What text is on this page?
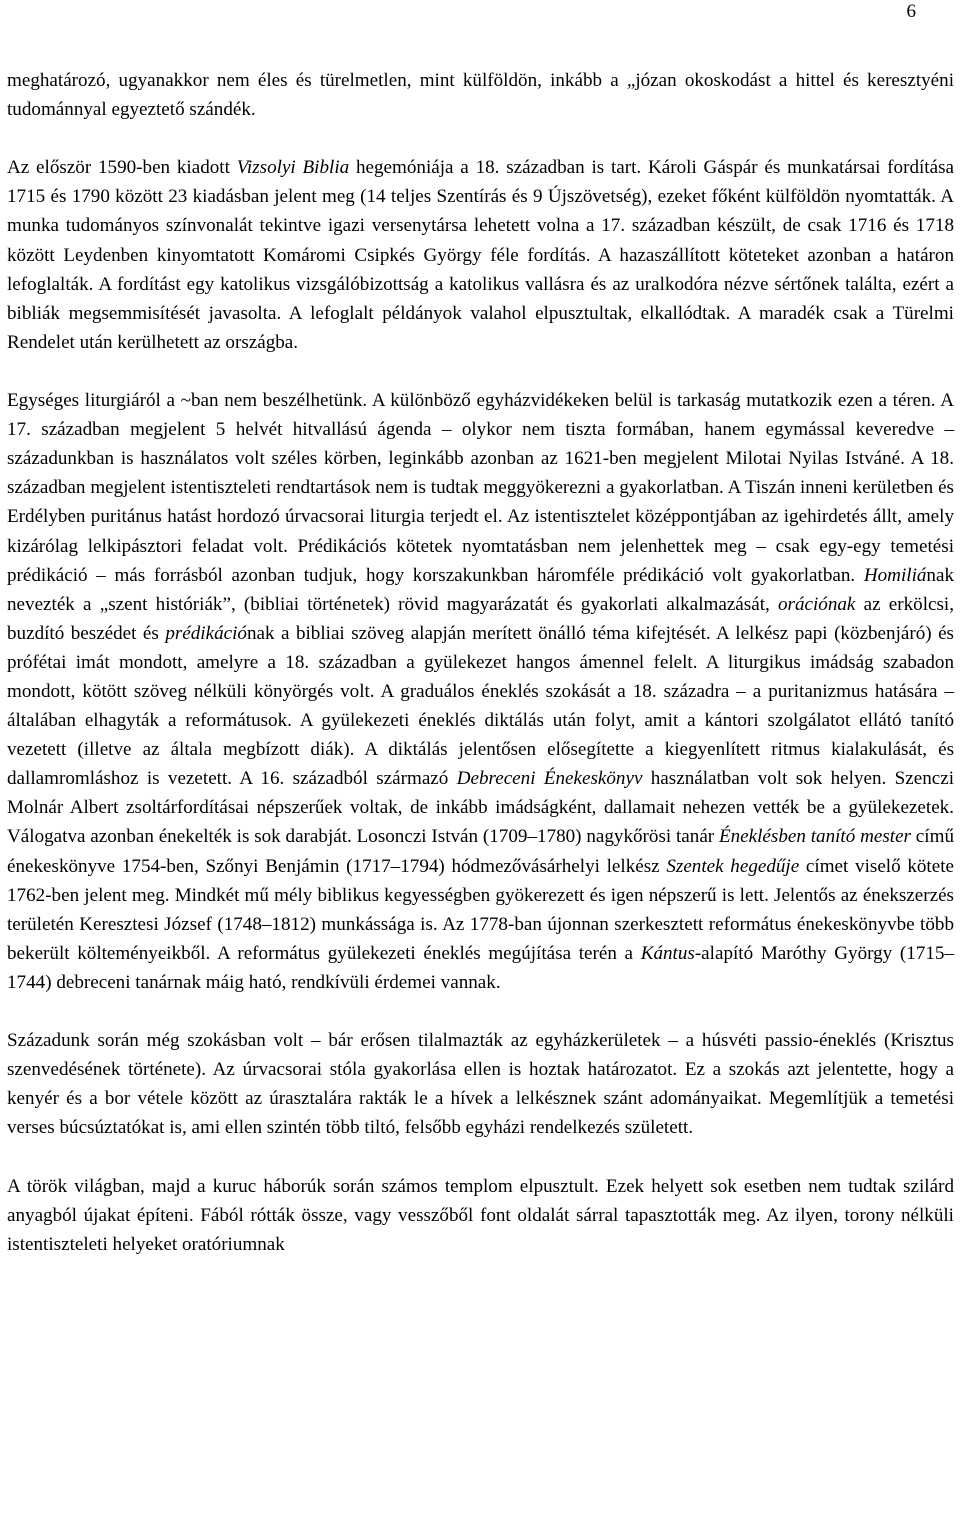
6

meghatározó, ugyanakkor nem éles és türelmetlen, mint külföldön, inkább a „józan okoskodást a hittel és keresztyéni tudománnyal egyeztető szándék.

Az először 1590-ben kiadott Vizsolyi Biblia hegemóniája a 18. században is tart. Károli Gáspár és munkatársai fordítása 1715 és 1790 között 23 kiadásban jelent meg (14 teljes Szentírás és 9 Újszövetség), ezeket főként külföldön nyomtatták. A munka tudományos színvonalát tekintve igazi versenytársa lehetett volna a 17. században készült, de csak 1716 és 1718 között Leydenben kinyomtatott Komáromi Csipkés György féle fordítás. A hazaszállított köteteket azonban a határon lefoglalták. A fordítást egy katolikus vizsgálóbizottság a katolikus vallásra és az uralkodóra nézve sértőnek találta, ezért a bibliák megsemmisítését javasolta. A lefoglalt példányok valahol elpusztultak, elkallódtak. A maradék csak a Türelmi Rendelet után kerülhetett az országba.

Egységes liturgiáról a ~ban nem beszélhetünk. A különböző egyházvidékeken belül is tarkaság mutatkozik ezen a téren. A 17. században megjelent 5 helvét hitvallású ágenda – olykor nem tiszta formában, hanem egymással keveredve – századunkban is használatos volt széles körben, leginkább azonban az 1621-ben megjelent Milotai Nyilas Istváné. A 18. században megjelent istentiszteleti rendtartások nem is tudtak meggyökerezni a gyakorlatban. A Tiszán inneni kerületben és Erdélyben puritánus hatást hordozó úrvacsorai liturgia terjedt el. Az istentisztelet középpontjában az igehirdetés állt, amely kizárólag lelkipásztori feladat volt. Prédikációs kötetek nyomtatásban nem jelenhettek meg – csak egy-egy temetési prédikáció – más forrásból azonban tudjuk, hogy korszakunkban háromféle prédikáció volt gyakorlatban. Homiliának nevezték a „szent históriák”, (bibliai történetek) rövid magyarázatát és gyakorlati alkalmazását, orációnak az erkölcsi, buzdító beszédet és prédikációnak a bibliai szöveg alapján merített önálló téma kifejtését. A lelkész papi (közbenjáró) és prófétai imát mondott, amelyre a 18. században a gyülekezet hangos ámennel felelt. A liturgikus imádság szabadon mondott, kötött szöveg nélküli könyörgés volt. A graduálos éneklés szokását a 18. századra – a puritanizmus hatására – általában elhagyták a reformátusok. A gyülekezeti éneklés diktálás után folyt, amit a kántori szolgálatot ellátó tanító vezetett (illetve az általa megbízott diák). A diktálás jelentősen elősegítette a kiegyenlített ritmus kialakulását, és dallamromláshoz is vezetett. A 16. századból származó Debreceni Énekeskönyv használatban volt sok helyen. Szenczi Molnár Albert zsoltárfordításai népszerűek voltak, de inkább imádságként, dallamait nehezen vették be a gyülekezetek. Válogatva azonban énekelték is sok darabját. Losonczi István (1709–1780) nagykőrösi tanár Éneklésben tanító mester című énekeskönyve 1754-ben, Szőnyi Benjámin (1717–1794) hódmezővásárhelyi lelkész Szentek hegedűje címet viselő kötete 1762-ben jelent meg. Mindkét mű mély biblikus kegyességben gyökerezett és igen népszerű is lett. Jelentős az énekszerzés területén Keresztesi József (1748–1812) munkássága is. Az 1778-ban újonnan szerkesztett református énekeskönyvbe több bekerült költeményeikből. A református gyülekezeti éneklés megújítása terén a Kántus-alapító Maróthy György (1715–1744) debreceni tanárnak máig ható, rendkívüli érdemei vannak.

Századunk során még szokásban volt – bár erősen tilalmazták az egyházkerületek – a húsvéti passio-éneklés (Krisztus szenvedésének története). Az úrvacsorai stóla gyakorlása ellen is hoztak határozatot. Ez a szokás azt jelentette, hogy a kenyér és a bor vétele között az úrasztalára rakták le a hívek a lelkésznek szánt adományaikat. Megemlítjük a temetési verses búcsúztatókat is, ami ellen szintén több tiltó, felsőbb egyházi rendelkezés született.

A török világban, majd a kuruc háborúk során számos templom elpusztult. Ezek helyett sok esetben nem tudtak szilárd anyagból újakat építeni. Fából rótták össze, vagy vesszőből font oldalát sárral tapasztották meg. Az ilyen, torony nélküli istentiszteleti helyeket oratóriumnak
